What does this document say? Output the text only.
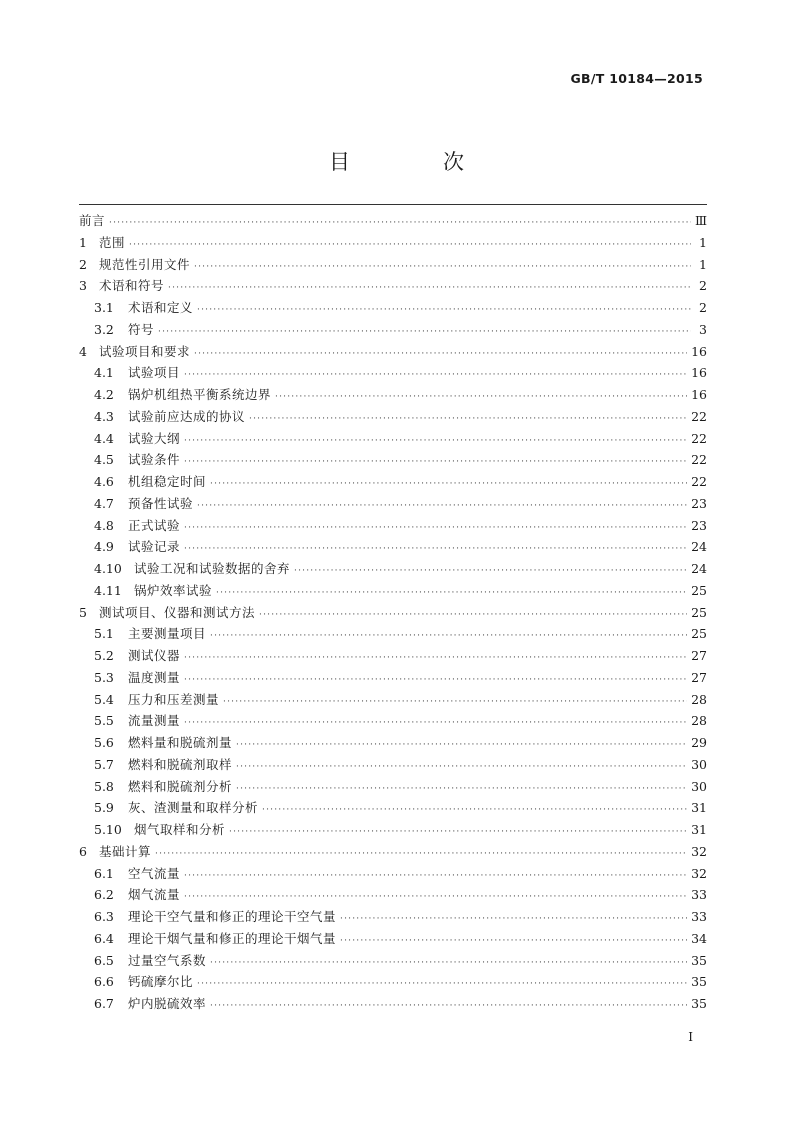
GB/T 10184—2015
目　次
前言 ·····	Ⅲ
1 范围 ·····	1
2 规范性引用文件 ·····	1
3 术语和符号 ·····	2
3.1	术语和定义 ·····	2
3.2	符号 ·····	3
4 试验项目和要求 ·····	16
4.1	试验项目 ·····	16
4.2	锅炉机组热平衡系统边界 ·····	16
4.3	试验前应达成的协议 ·····	22
4.4	试验大纲 ·····	22
4.5	试验条件 ·····	22
4.6	机组稳定时间 ·····	22
4.7	预备性试验 ·····	23
4.8	正式试验 ·····	23
4.9	试验记录 ·····	24
4.10 试验工况和试验数据的舍弃 ·····	24
4.11 锅炉效率试验 ·····	25
5 测试项目、仪器和测试方法 ·····	25
5.1	主要测量项目 ·····	25
5.2	测试仪器 ·····	27
5.3	温度测量 ·····	27
5.4	压力和压差测量 ·····	28
5.5	流量测量 ·····	28
5.6	燃料量和脱硫剂量 ·····	29
5.7	燃料和脱硫剂取样 ·····	30
5.8	燃料和脱硫剂分析 ·····	30
5.9	灰、渣测量和取样分析 ·····	31
5.10 烟气取样和分析 ·····	31
6 基础计算 ·····	32
6.1	空气流量 ·····	32
6.2	烟气流量 ·····	33
6.3	理论干空气量和修正的理论干空气量 ·····	33
6.4	理论干烟气量和修正的理论干烟气量 ·····	34
6.5	过量空气系数 ·····	35
6.6	钙硫摩尔比 ·····	35
6.7	炉内脱硫效率 ·····	35
I
